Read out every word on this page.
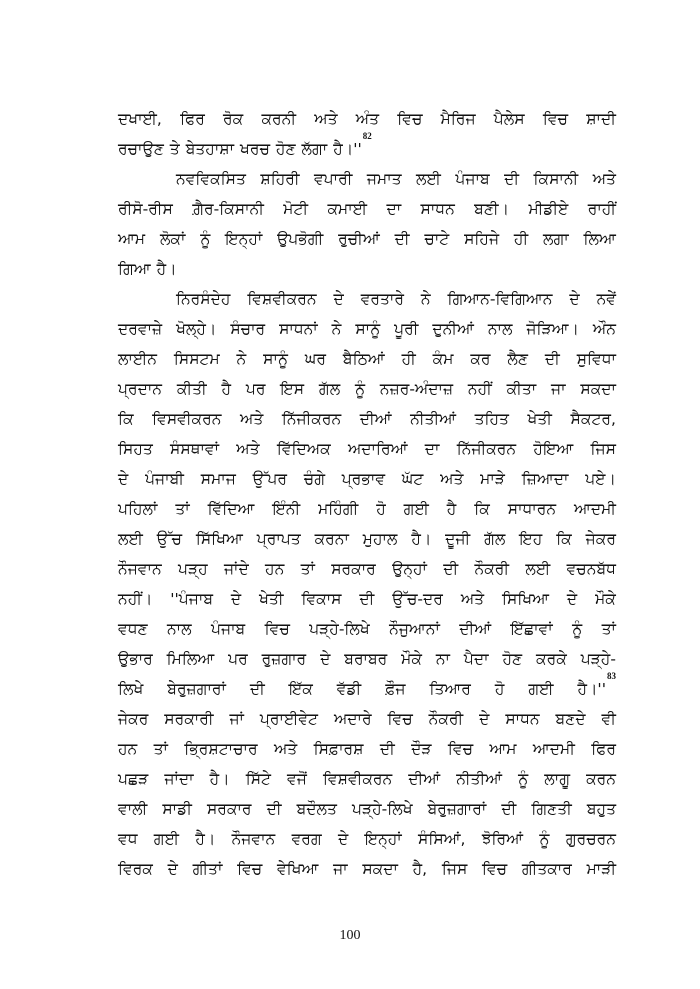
ਦਖਾਈ, ਫਿਰ ਰੋਕ ਕਰਨੀ ਅਤੇ ਅੰਤ ਵਿਚ ਮੈਰਿਜ ਪੈਲੇਸ ਵਿਚ ਸ਼ਾਦੀ
ਰਚਾਉਣ ਤੇ ਬੇਤਹਾਸ਼ਾ ਖਰਚ ਹੋਣ ਲੱਗਾ ਹੈ।''$^{82}$
ਨਵਵਿਕਸਿਤ ਸ਼ਹਿਰੀ ਵਪਾਰੀ ਜਮਾਤ ਲਈ ਪੰਜਾਬ ਦੀ ਕਿਸਾਨੀ ਅਤੇ
ਰੀਸੋ-ਰੀਸ ਗ਼ੈਰ-ਕਿਸਾਨੀ ਮੋਟੀ ਕਮਾਈ ਦਾ ਸਾਧਨ ਬਣੀ। ਮੀਡੀਏ ਰਾਹੀਂ
ਆਮ ਲੋਕਾਂ ਨੂੰ ਇਨ੍ਹਾਂ ਉਪਭੋਗੀ ਰੁਚੀਆਂ ਦੀ ਚਾਟੇ ਸਹਿਜੇ ਹੀ ਲਗਾ ਲਿਆ
ਗਿਆ ਹੈ।
ਨਿਰਸੰਦੇਹ ਵਿਸ਼ਵੀਕਰਨ ਦੇ ਵਰਤਾਰੇ ਨੇ ਗਿਆਨ-ਵਿਗਿਆਨ ਦੇ ਨਵੇਂ
ਦਰਵਾਜ਼ੇ ਖੋਲ੍ਹੇ। ਸੰਚਾਰ ਸਾਧਨਾਂ ਨੇ ਸਾਨੂੰ ਪੂਰੀ ਦੁਨੀਆਂ ਨਾਲ ਜੋੜਿਆ। ਔਨ
ਲਾਈਨ ਸਿਸਟਮ ਨੇ ਸਾਨੂੰ ਘਰ ਬੈਠਿਆਂ ਹੀ ਕੰਮ ਕਰ ਲੈਣ ਦੀ ਸੁਵਿਧਾ
ਪ੍ਰਦਾਨ ਕੀਤੀ ਹੈ ਪਰ ਇਸ ਗੱਲ ਨੂੰ ਨਜ਼ਰ-ਅੰਦਾਜ਼ ਨਹੀਂ ਕੀਤਾ ਜਾ ਸਕਦਾ
ਕਿ ਵਿਸਵੀਕਰਨ ਅਤੇ ਨਿੱਜੀਕਰਨ ਦੀਆਂ ਨੀਤੀਆਂ ਤਹਿਤ ਖੇਤੀ ਸੈਕਟਰ,
ਸਿਹਤ ਸੰਸਥਾਵਾਂ ਅਤੇ ਵਿੱਦਿਅਕ ਅਦਾਰਿਆਂ ਦਾ ਨਿੱਜੀਕਰਨ ਹੋਇਆ ਜਿਸ
ਦੇ ਪੰਜਾਬੀ ਸਮਾਜ ਉੱਪਰ ਚੰਗੇ ਪ੍ਰਭਾਵ ਘੱਟ ਅਤੇ ਮਾੜੇ ਜ਼ਿਆਦਾ ਪਏ।
ਪਹਿਲਾਂ ਤਾਂ ਵਿੱਦਿਆ ਇੰਨੀ ਮਹਿੰਗੀ ਹੋ ਗਈ ਹੈ ਕਿ ਸਾਧਾਰਨ ਆਦਮੀ
ਲਈ ਉੱਚ ਸਿੱਖਿਆ ਪ੍ਰਾਪਤ ਕਰਨਾ ਮੁਹਾਲ ਹੈ। ਦੂਜੀ ਗੱਲ ਇਹ ਕਿ ਜੇਕਰ
ਨੌਜਵਾਨ ਪੜ੍ਹ ਜਾਂਦੇ ਹਨ ਤਾਂ ਸਰਕਾਰ ਉਨ੍ਹਾਂ ਦੀ ਨੌਕਰੀ ਲਈ ਵਚਨਬੱਧ
ਨਹੀਂ। ''ਪੰਜਾਬ ਦੇ ਖੇਤੀ ਵਿਕਾਸ ਦੀ ਉੱਚ-ਦਰ ਅਤੇ ਸਿਖਿਆ ਦੇ ਮੌਕੇ
ਵਧਣ ਨਾਲ ਪੰਜਾਬ ਵਿਚ ਪੜ੍ਹੇ-ਲਿਖੇ ਨੌਜੁਆਨਾਂ ਦੀਆਂ ਇੱਛਾਵਾਂ ਨੂੰ ਤਾਂ
ਉਭਾਰ ਮਿਲਿਆ ਪਰ ਰੁਜ਼ਗਾਰ ਦੇ ਬਰਾਬਰ ਮੌਕੇ ਨਾ ਪੈਦਾ ਹੋਣ ਕਰਕੇ ਪੜ੍ਹੇ-
ਲਿਖੇ ਬੇਰੁਜ਼ਗਾਰਾਂ ਦੀ ਇੱਕ ਵੱਡੀ ਫ਼ੌਜ ਤਿਆਰ ਹੋ ਗਈ ਹੈ।''$^{83}$
ਜੇਕਰ ਸਰਕਾਰੀ ਜਾਂ ਪ੍ਰਾਈਵੇਟ ਅਦਾਰੇ ਵਿਚ ਨੌਕਰੀ ਦੇ ਸਾਧਨ ਬਣਦੇ ਵੀ
ਹਨ ਤਾਂ ਭ੍ਰਿਸ਼ਟਾਚਾਰ ਅਤੇ ਸਿਫ਼ਾਰਸ਼ ਦੀ ਦੌੜ ਵਿਚ ਆਮ ਆਦਮੀ ਫਿਰ
ਪਛੜ ਜਾਂਦਾ ਹੈ। ਸਿੱਟੇ ਵਜੋਂ ਵਿਸ਼ਵੀਕਰਨ ਦੀਆਂ ਨੀਤੀਆਂ ਨੂੰ ਲਾਗੂ ਕਰਨ
ਵਾਲੀ ਸਾਡੀ ਸਰਕਾਰ ਦੀ ਬਦੌਲਤ ਪੜ੍ਹੇ-ਲਿਖੇ ਬੇਰੁਜ਼ਗਾਰਾਂ ਦੀ ਗਿਣਤੀ ਬਹੁਤ
ਵਧ ਗਈ ਹੈ। ਨੌਜਵਾਨ ਵਰਗ ਦੇ ਇਨ੍ਹਾਂ ਸੰਸਿਆਂ, ਝੋਰਿਆਂ ਨੂੰ ਗੁਰਚਰਨ
ਵਿਰਕ ਦੇ ਗੀਤਾਂ ਵਿਚ ਵੇਖਿਆ ਜਾ ਸਕਦਾ ਹੈ, ਜਿਸ ਵਿਚ ਗੀਤਕਾਰ ਮਾੜੀ
100
